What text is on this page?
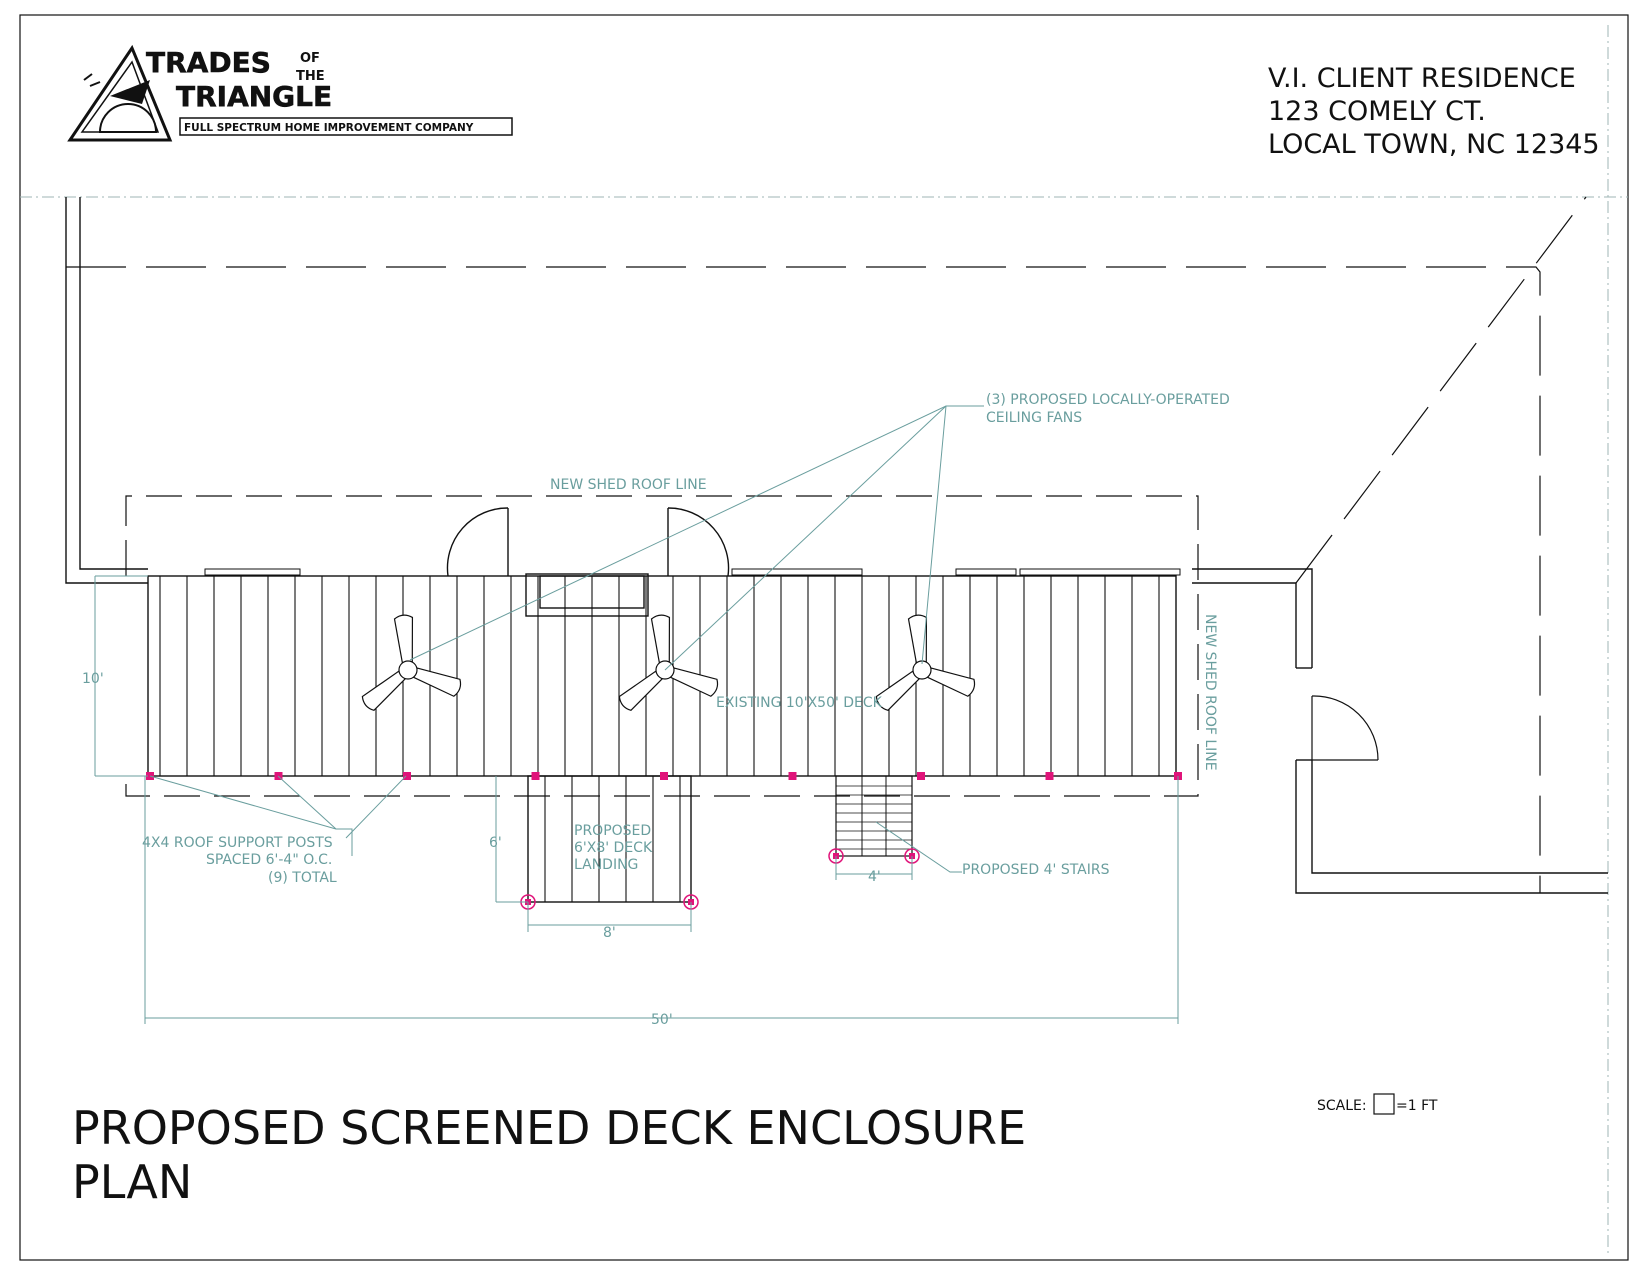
TRADES OF
THE
TRIANGLE
FULL SPECTRUM HOME IMPROVEMENT COMPANY
V.I. CLIENT RESIDENCE
123 COMELY CT.
LOCAL TOWN, NC 12345
(3) PROPOSED LOCALLY-OPERATED
CEILING FANS
NEW SHED ROOF LINE
NEW SHED ROOF LINE
EXISTING 10'X50' DECK
4X4 ROOF SUPPORT POSTS
SPACED 6'-4" O.C.
(9) TOTAL
PROPOSED
6'X8' DECK
LANDING	PROPOSED 4' STAIRS
10'
6'
8'
4'
50'
SCALE: =1 FT
PROPOSED SCREENED DECK ENCLOSURE
PLAN
